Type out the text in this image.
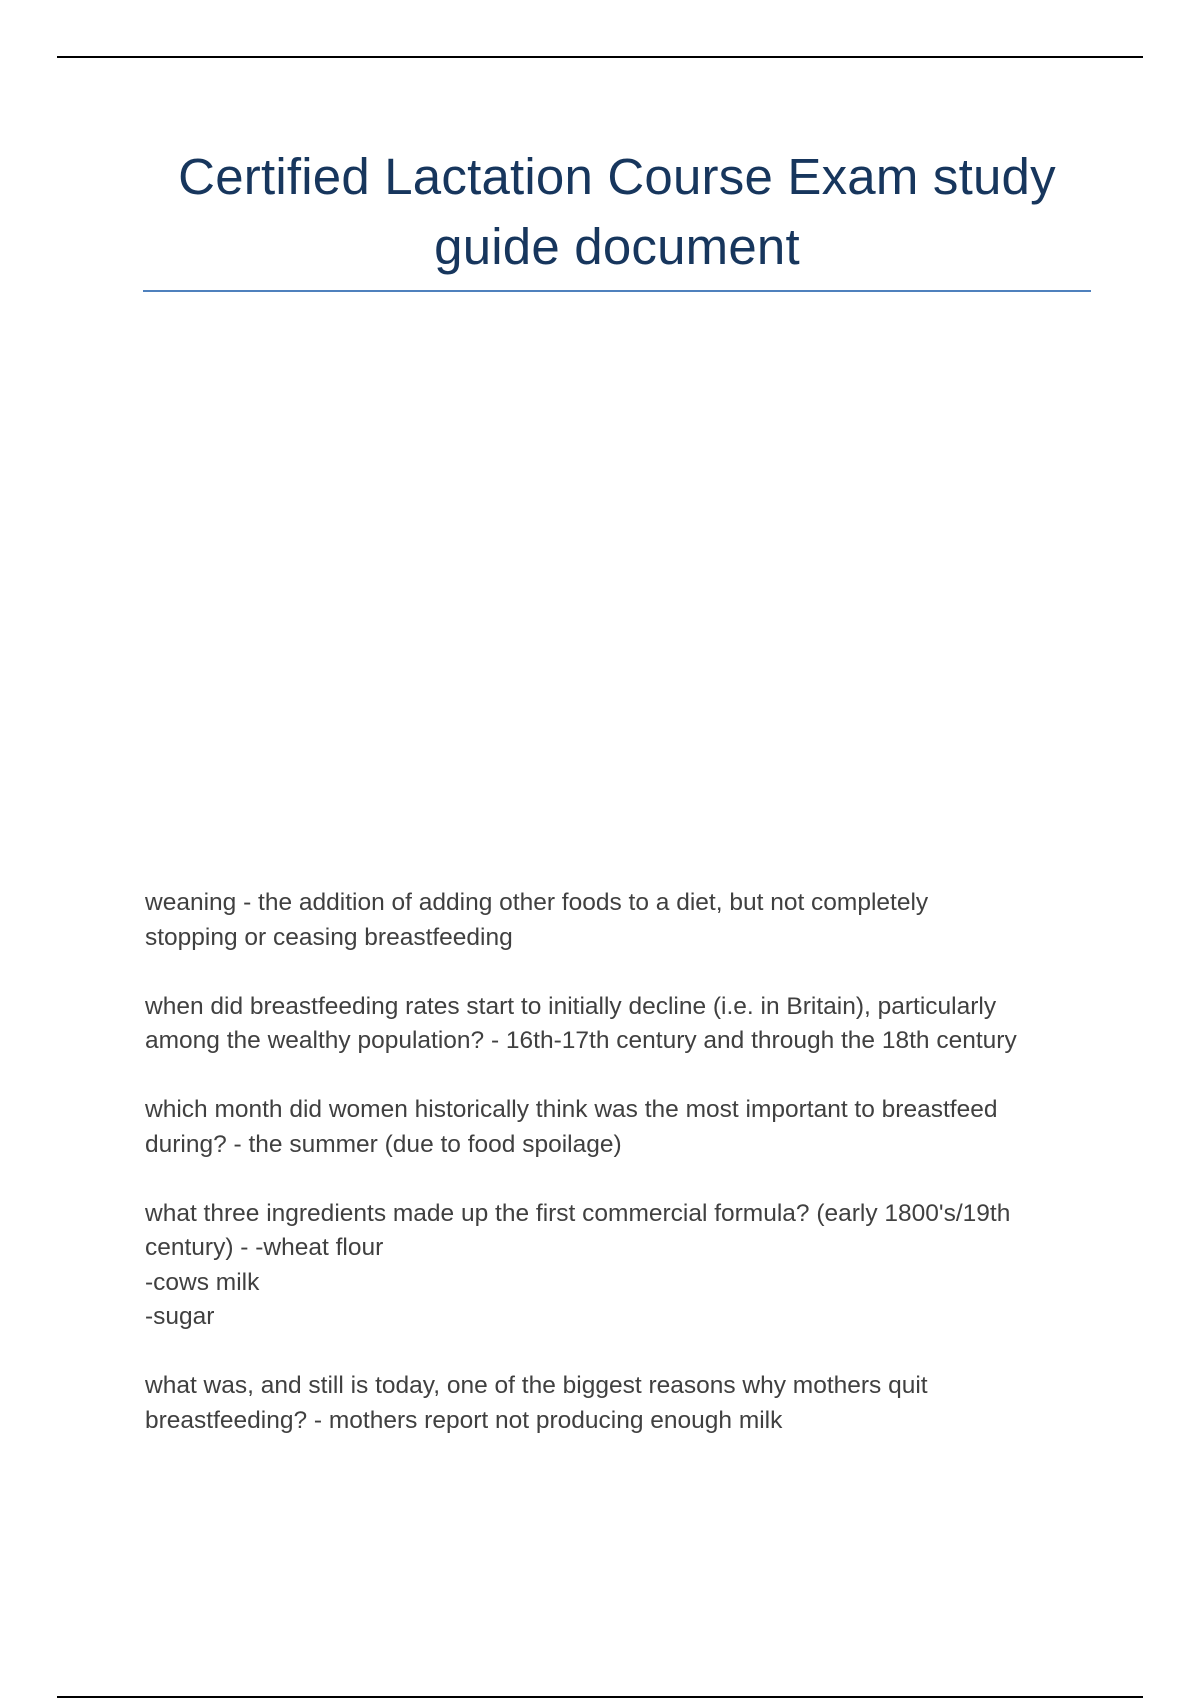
Certified Lactation Course Exam study
guide document

weaning - the addition of adding other foods to a diet, but not completely
stopping or ceasing breastfeeding

when did breastfeeding rates start to initially decline (i.e. in Britain), particularly
among the wealthy population? - 16th-17th century and through the 18th century

which month did women historically think was the most important to breastfeed
during? - the summer (due to food spoilage)

what three ingredients made up the first commercial formula? (early 1800's/19th
century) - -wheat flour
-cows milk
-sugar

what was, and still is today, one of the biggest reasons why mothers quit
breastfeeding? - mothers report not producing enough milk
